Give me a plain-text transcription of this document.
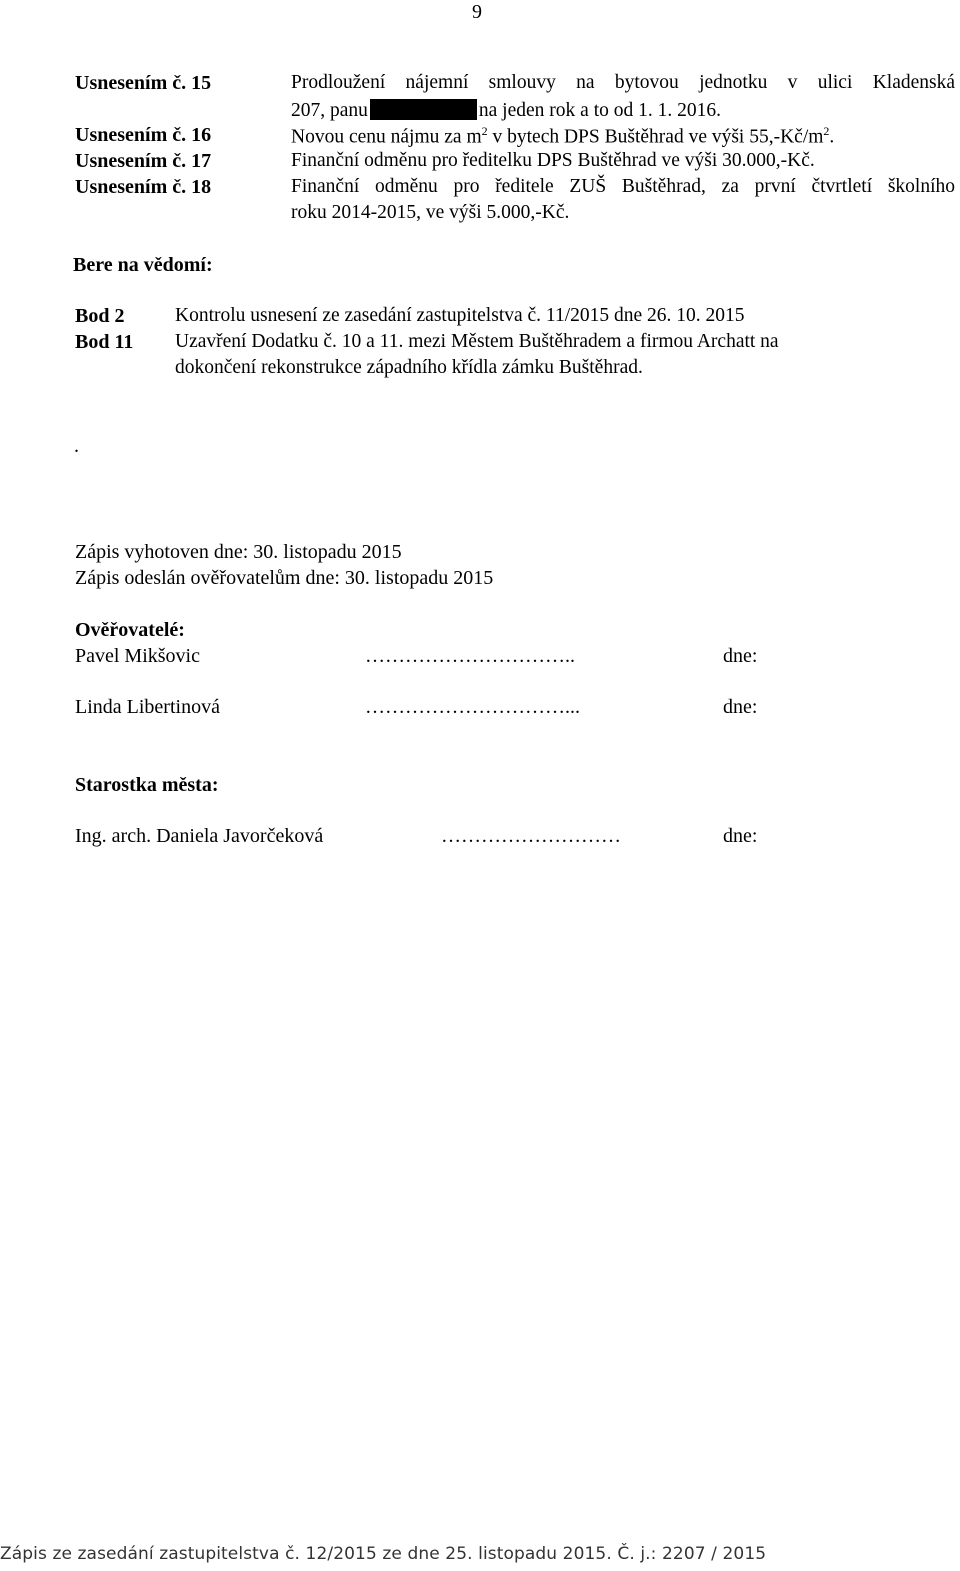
9
Usnesením č. 15	Prodloužení nájemní smlouvy na bytovou jednotku v ulici Kladenská
207, panu	na jeden rok a to od 1. 1. 2016.
Usnesením č. 16	Novou cenu nájmu za $m^2$ v bytech DPS Buštěhrad ve výši $55,-Kč/m^2$.
Usnesením č. 17	Finanční odměnu pro ředitelku DPS Buštěhrad ve výši 30.000,-Kč.
Usnesením č. 18	Finanční odměnu pro ředitele ZUŠ Buštěhrad, za první čtvrtletí školního
roku 2014-2015, ve výši 5.000,-Kč.
Bere na vědomí:
Bod 2	Kontrolu usnesení ze zasedání zastupitelstva č. 11/2015 dne 26. 10. 2015
Bod 11 Uzavření Dodatku č. 10 a 11. mezi Městem Buštěhradem a firmou Archatt na
dokončení rekonstrukce západního křídla zámku Buštěhrad.
.
Zápis vyhotoven dne: 30. listopadu 2015
Zápis odeslán ověřovatelům dne: 30. listopadu 2015
Ověřovatelé:
Pavel Mikšovic	…………………………..	dne:
Linda Libertinová	…………………………...	dne:
Starostka města:
Ing. arch. Daniela Javorčeková	………………………	dne:
Zápis ze zasedání zastupitelstva č. 12/2015 ze dne 25. listopadu 2015. Č. j.: 2207 / 2015
